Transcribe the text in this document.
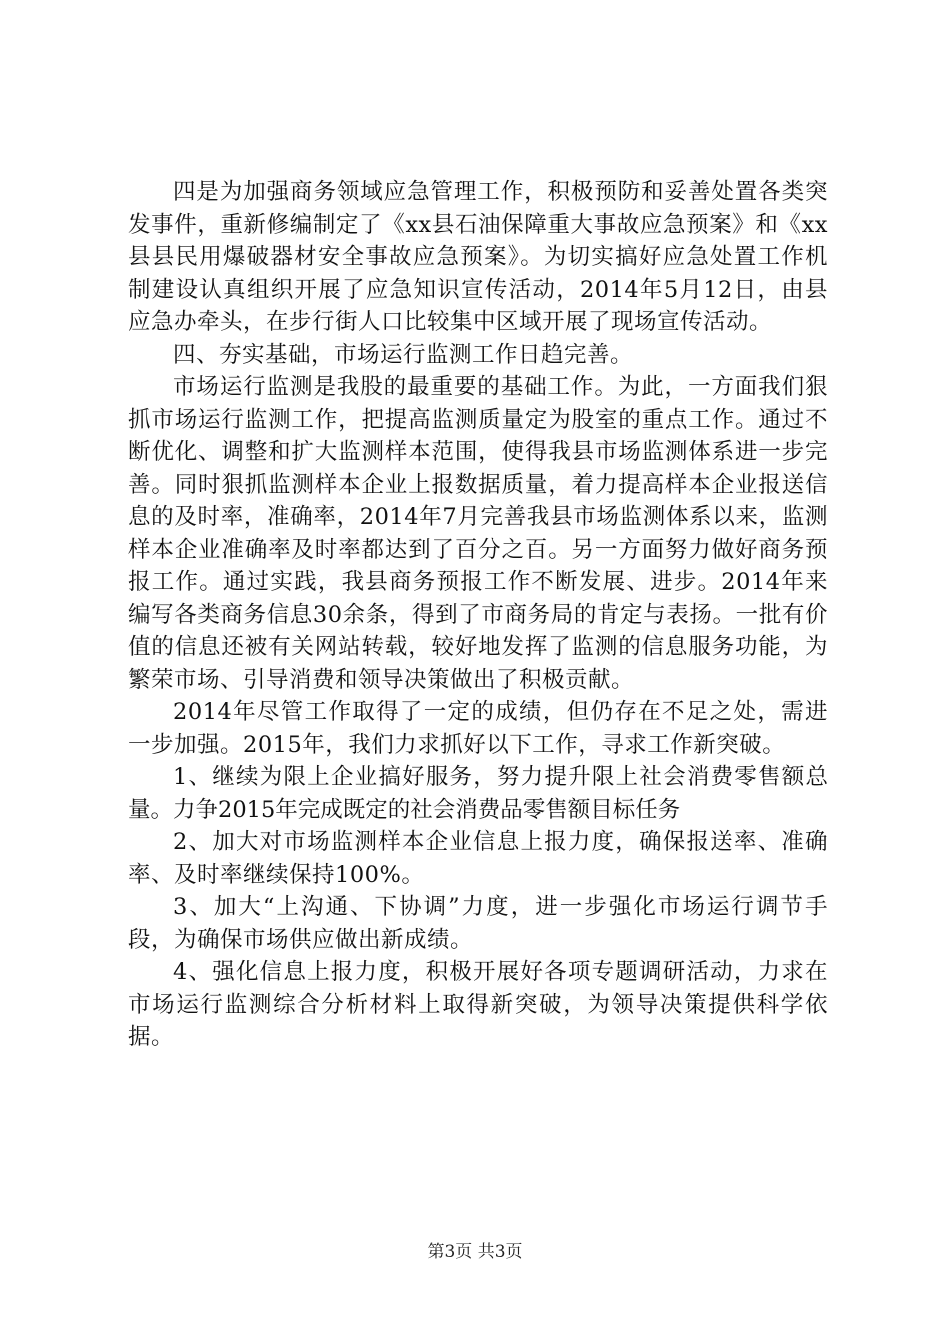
四是为加强商务领域应急管理工作，积极预防和妥善处置各类突发事件，重新修编制定了《xx县石油保障重大事故应急预案》和《xx县县民用爆破器材安全事故应急预案》。为切实搞好应急处置工作机制建设认真组织开展了应急知识宣传活动，2014年5月12日，由县应急办牵头，在步行街人口比较集中区域开展了现场宣传活动。

四、夯实基础，市场运行监测工作日趋完善。

市场运行监测是我股的最重要的基础工作。为此，一方面我们狠抓市场运行监测工作，把提高监测质量定为股室的重点工作。通过不断优化、调整和扩大监测样本范围，使得我县市场监测体系进一步完善。同时狠抓监测样本企业上报数据质量，着力提高样本企业报送信息的及时率，准确率，2014年7月完善我县市场监测体系以来，监测样本企业准确率及时率都达到了百分之百。另一方面努力做好商务预报工作。通过实践，我县商务预报工作不断发展、进步。2014年来编写各类商务信息30余条，得到了市商务局的肯定与表扬。一批有价值的信息还被有关网站转载，较好地发挥了监测的信息服务功能，为繁荣市场、引导消费和领导决策做出了积极贡献。

2014年尽管工作取得了一定的成绩，但仍存在不足之处，需进一步加强。2015年，我们力求抓好以下工作，寻求工作新突破。

1、继续为限上企业搞好服务，努力提升限上社会消费零售额总量。力争2015年完成既定的社会消费品零售额目标任务

2、加大对市场监测样本企业信息上报力度，确保报送率、准确率、及时率继续保持100%。

3、加大“上沟通、下协调”力度，进一步强化市场运行调节手段，为确保市场供应做出新成绩。

4、强化信息上报力度，积极开展好各项专题调研活动，力求在市场运行监测综合分析材料上取得新突破，为领导决策提供科学依据。

第3页 共3页
